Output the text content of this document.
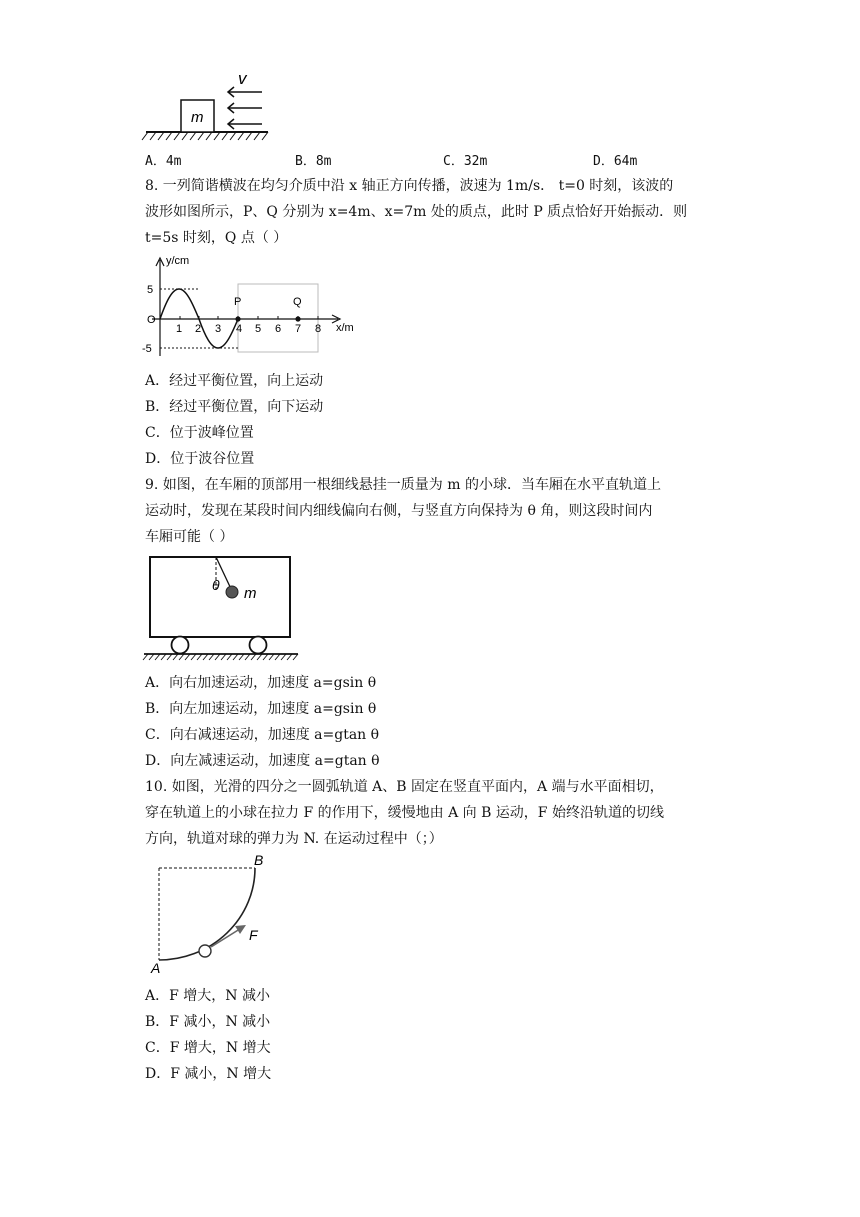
m
v
A．4m	B．8m	C．32m	D．64m
8. 一列简谐横波在均匀介质中沿 x 轴正方向传播，波速为 1m/s． t=0 时刻，该波的
波形如图所示，P、Q 分别为 x=4m、x=7m 处的质点，此时 P 质点恰好开始振动．则
t=5s 时刻，Q 点（ ）
y/cm
x/m
O
5
-5
1 2 3 4 5 6 7 8
P	Q
A．经过平衡位置，向上运动
B．经过平衡位置，向下运动
C．位于波峰位置
D．位于波谷位置
9. 如图，在车厢的顶部用一根细线悬挂一质量为 m 的小球．当车厢在水平直轨道上
运动时，发现在某段时间内细线偏向右侧，与竖直方向保持为 θ 角，则这段时间内
车厢可能（ ）
θ m
A．向右加速运动，加速度 a=gsin θ
B．向左加速运动，加速度 a=gsin θ
C．向右减速运动，加速度 a=gtan θ
D．向左减速运动，加速度 a=gtan θ
10. 如图，光滑的四分之一圆弧轨道 A、B 固定在竖直平面内，A 端与水平面相切，
穿在轨道上的小球在拉力 F 的作用下，缓慢地由 A 向 B 运动，F 始终沿轨道的切线
方向，轨道对球的弹力为 N. 在运动过程中（；）
A
B
F
A．F 增大，N 减小
B．F 减小，N 减小
C．F 增大，N 增大
D．F 减小，N 增大
